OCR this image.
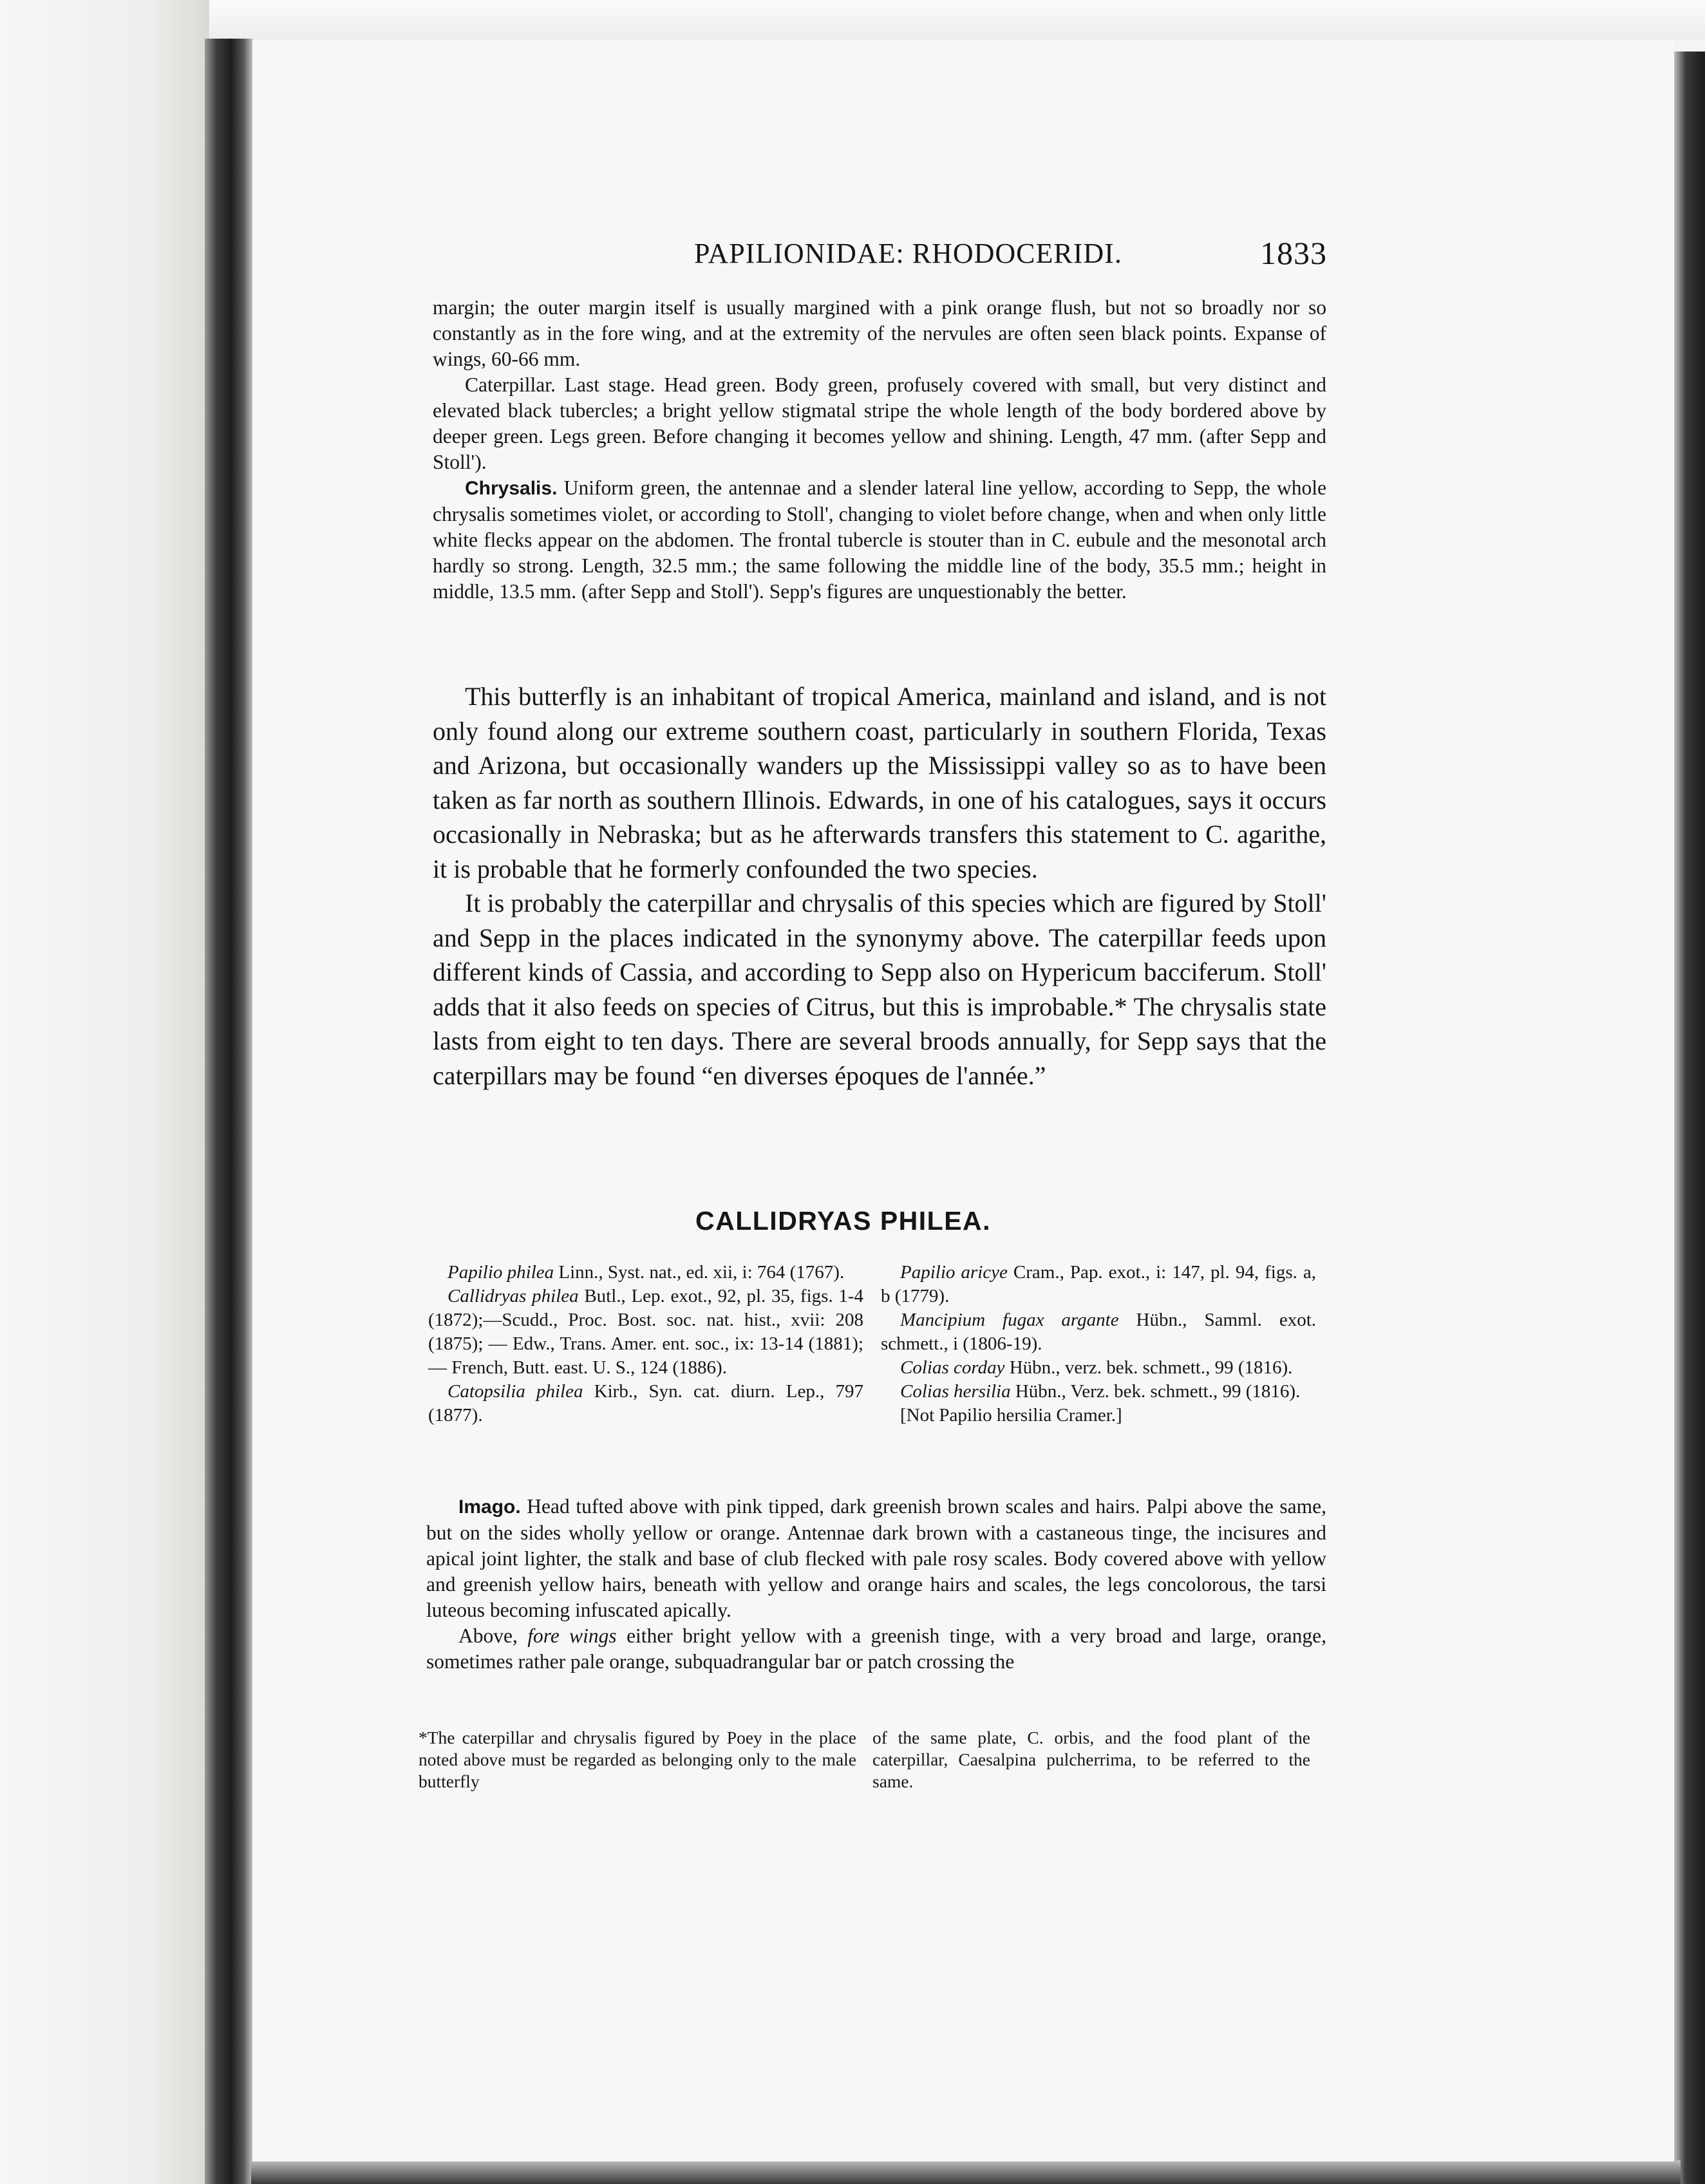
PAPILIONIDAE: RHODOCERIDI.	1833

margin; the outer margin itself is usually margined with a pink orange flush, but not so broadly nor so constantly as in the fore wing, and at the extremity of the nervules are often seen black points. Expanse of wings, 60-66 mm.

Caterpillar. Last stage. Head green. Body green, profusely covered with small, but very distinct and elevated black tubercles; a bright yellow stigmatal stripe the whole length of the body bordered above by deeper green. Legs green. Before changing it becomes yellow and shining. Length, 47 mm. (after Sepp and Stoll').

Chrysalis. Uniform green, the antennae and a slender lateral line yellow, according to Sepp, the whole chrysalis sometimes violet, or according to Stoll', changing to violet before change, when and when only little white flecks appear on the abdomen. The frontal tubercle is stouter than in C. eubule and the mesonotal arch hardly so strong. Length, 32.5 mm.; the same following the middle line of the body, 35.5 mm.; height in middle, 13.5 mm. (after Sepp and Stoll'). Sepp's figures are unquestionably the better.

This butterfly is an inhabitant of tropical America, mainland and island, and is not only found along our extreme southern coast, particularly in southern Florida, Texas and Arizona, but occasionally wanders up the Mississippi valley so as to have been taken as far north as southern Illinois. Edwards, in one of his catalogues, says it occurs occasionally in Nebraska; but as he afterwards transfers this statement to C. agarithe, it is probable that he formerly confounded the two species.

It is probably the caterpillar and chrysalis of this species which are figured by Stoll' and Sepp in the places indicated in the synonymy above. The caterpillar feeds upon different kinds of Cassia, and according to Sepp also on Hypericum bacciferum. Stoll' adds that it also feeds on species of Citrus, but this is improbable.* The chrysalis state lasts from eight to ten days. There are several broods annually, for Sepp says that the caterpillars may be found “en diverses époques de l'année.”

CALLIDRYAS PHILEA.

Papilio philea Linn., Syst. nat., ed. xii, i: 764 (1767).

Callidryas philea Butl., Lep. exot., 92, pl. 35, figs. 1-4 (1872);—Scudd., Proc. Bost. soc. nat. hist., xvii: 208 (1875); — Edw., Trans. Amer. ent. soc., ix: 13-14 (1881); — French, Butt. east. U. S., 124 (1886).

Catopsilia philea Kirb., Syn. cat. diurn. Lep., 797 (1877).

Papilio aricye Cram., Pap. exot., i: 147, pl. 94, figs. a, b (1779).

Mancipium fugax argante Hübn., Samml. exot. schmett., i (1806-19).

Colias corday Hübn., verz. bek. schmett., 99 (1816).

Colias hersilia Hübn., Verz. bek. schmett., 99 (1816).

[Not Papilio hersilia Cramer.]

Imago. Head tufted above with pink tipped, dark greenish brown scales and hairs. Palpi above the same, but on the sides wholly yellow or orange. Antennae dark brown with a castaneous tinge, the incisures and apical joint lighter, the stalk and base of club flecked with pale rosy scales. Body covered above with yellow and greenish yellow hairs, beneath with yellow and orange hairs and scales, the legs concolorous, the tarsi luteous becoming infuscated apically.

Above, fore wings either bright yellow with a greenish tinge, with a very broad and large, orange, sometimes rather pale orange, subquadrangular bar or patch crossing the

*The caterpillar and chrysalis figured by Poey in the place noted above must be regarded as belonging only to the male butterfly
of the same plate, C. orbis, and the food plant of the caterpillar, Caesalpina pulcherrima, to be referred to the same.
